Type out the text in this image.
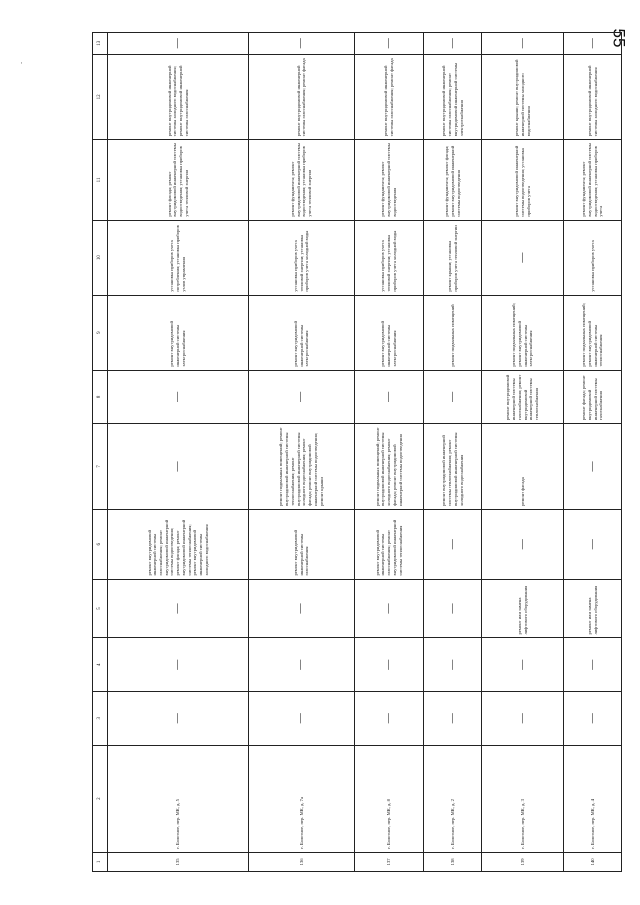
55
·
1	2	3	4	5	6	7	8	9	10	11	12	13
135	г. Болотное, пер. МК, д. 5	—	—	—	ремонт внутридомовой инженерной системы газоснабжения; ремонт внутридомовой инженерной системы водоотведения; ремонт фасада; ремонт внутридомовой инженерной системы теплоснабжения; ремонт внутридомовой инженерной системы холодного водоснабжения	—	—	ремонт внутридомовой инженерной системы электроснабжения	установка приборов учета потребления; установка приборов узлов управления	ремонт фасада; ремонт внутридомовой инженерной системы водоотведения; установка приборов учета тепловой энергии	ремонт внутридомовой инженерной системы холодного водоснабжения; ремонт внутридомовой инженерной системы газоснабжения	—
136	г. Болотное, пер. МК, д. 7а	—	—	—	ремонт внутридомовой инженерной системы газоснабжения	ремонт подвальных помещений; ремонт внутридомовой инженерной системы теплоснабжения; ремонт внутридомовой инженерной системы холодного водоснабжения; ремонт фасада; ремонт внутридомовой инженерной системы водоотведения; ремонт крыши	—	ремонт внутридомовой инженерной системы электроснабжения	установка приборов учета тепловой энергии; установка приборов учета холодной воды	ремонт фундамента; ремонт внутридомовой инженерной системы водоотведения; установка приборов учета тепловой энергии	ремонт внутридомовой инженерной системы газоснабжения; ремонт фасада	—
137	г. Болотное, пер. МК, д. 8	—	—	—	ремонт внутридомовой инженерной системы газоснабжения; ремонт внутридомовой инженерной системы теплоснабжения	ремонт подвальных помещений; ремонт внутридомовой инженерной системы холодного водоснабжения; ремонт фасада; ремонт внутридомовой инженерной системы водоотведения	—	ремонт внутридомовой инженерной системы электроснабжения	установка приборов учета тепловой энергии; установка приборов учета холодной воды	ремонт фундамента; ремонт внутридомовой инженерной системы водоотведения	ремонт внутридомовой инженерной системы газоснабжения; ремонт фасада	—
138	г. Болотное, пер. МК, д. 2	—	—	—	—	ремонт внутридомовой инженерной системы теплоснабжения; ремонт внутридомовой инженерной системы холодного водоснабжения	—	ремонт подвальных помещений	ремонт крыши; установка приборов учета тепловой энергии	ремонт фундамента; ремонт фасада; ремонт внутридомовой инженерной системы водоотведения	ремонт внутридомовой инженерной системы газоснабжения; ремонт внутридомовой инженерной системы электроснабжения	—
139	г. Болотное, пер. МК, д. 3	—	—	ремонт или замена лифтового оборудования	—	ремонт фасада	ремонт внутридомовой инженерной системы газоснабжения; ремонт внутридомовой инженерной системы теплоснабжения	ремонт подвальных помещений; ремонт внутридомовой инженерной системы электроснабжения	—	ремонт внутридомовой инженерной системы водоотведения; установка приборов учета	ремонт крыши; ремонт внутридомовой инженерной системы холодного водоснабжения	—
140	г. Болотное, пер. МК, д. 4	—	—	ремонт или замена лифтового оборудования	—	—	ремонт фасада; ремонт внутридомовой инженерной системы газоснабжения	ремонт подвальных помещений; ремонт внутридомовой инженерной системы теплоснабжения	установка приборов учета	ремонт фундамента; ремонт внутридомовой инженерной системы водоотведения; установка приборов учета	ремонт внутридомовой инженерной системы холодного водоснабжения	—
